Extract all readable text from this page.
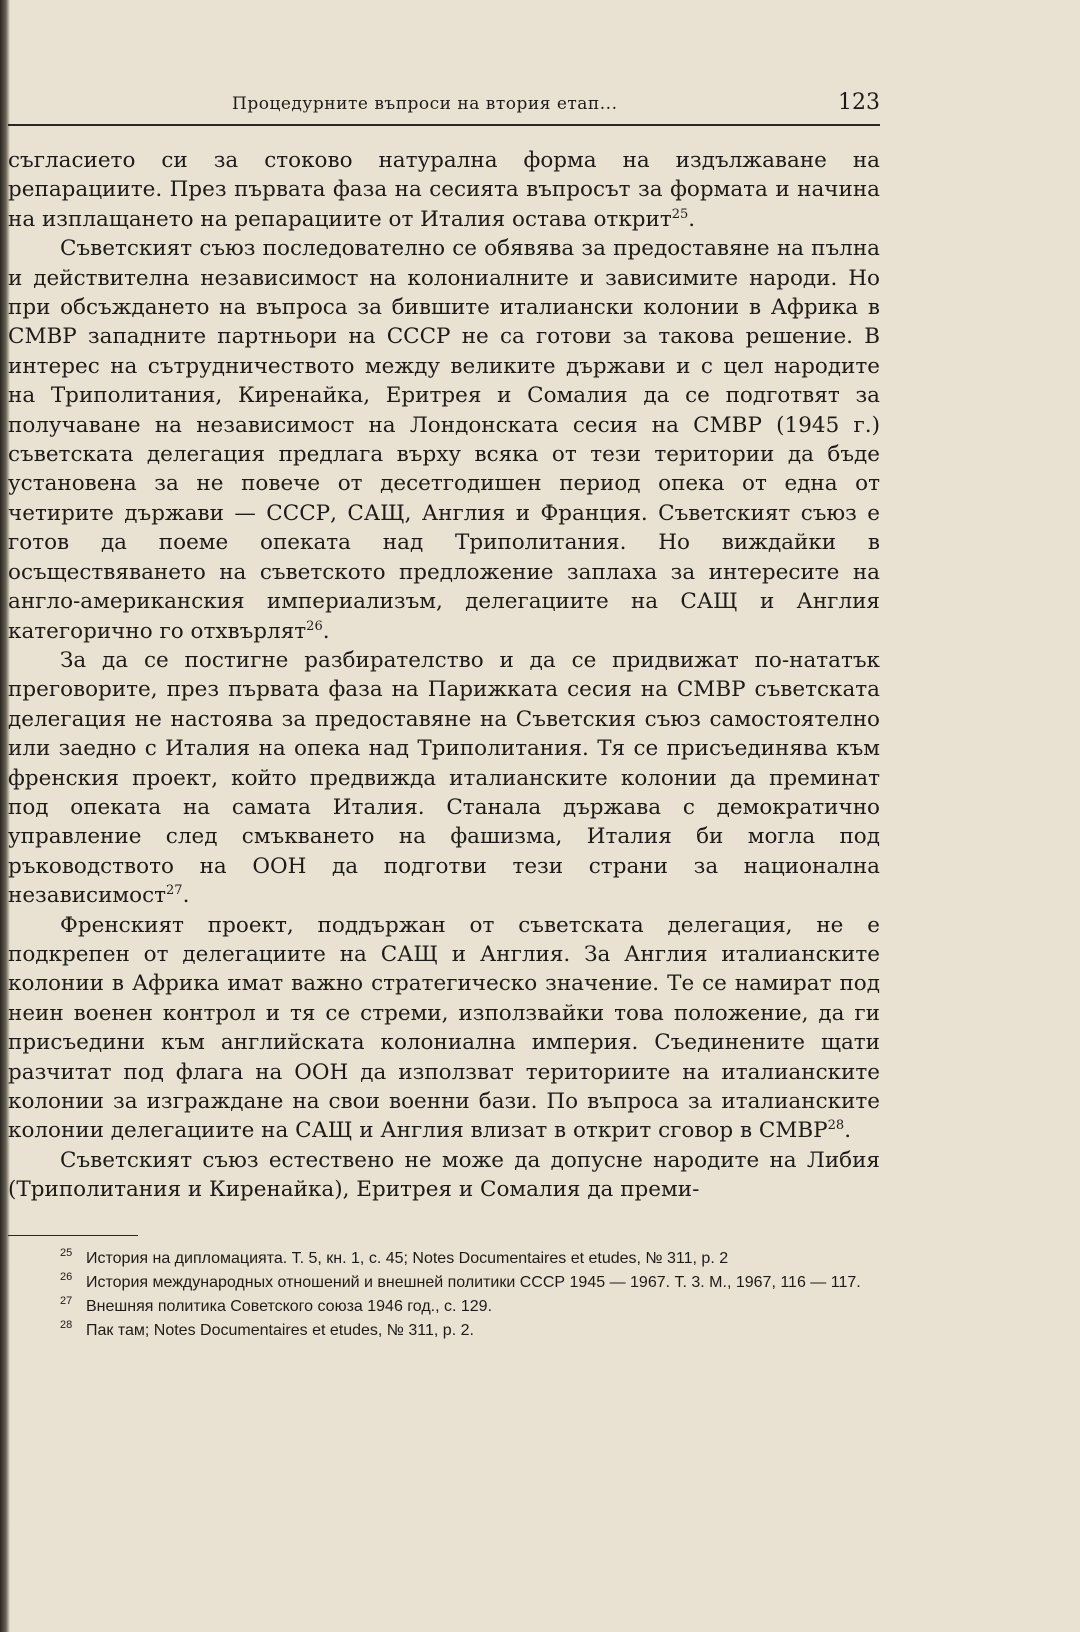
Процедурните въпроси на втория етап...	123

съгласието си за стоково натурална форма на издължаване на репарациите. През първата фаза на сесията въпросът за формата и начина на изплащането на репарациите от Италия остава открит$^{25}$.

Съветският съюз последователно се обявява за предоставяне на пълна и действителна независимост на колониалните и зависимите народи. Но при обсъждането на въпроса за бившите италиански колонии в Африка в СМВР западните партньори на СССР не са готови за такова решение. В интерес на сътрудничеството между великите държави и с цел народите на Триполитания, Киренайка, Еритрея и Сомалия да се подготвят за получаване на независимост на Лондонската сесия на СМВР (1945 г.) съветската делегация предлага върху всяка от тези територии да бъде установена за не повече от десетгодишен период опека от една от четирите държави — СССР, САЩ, Англия и Франция. Съветският съюз е готов да поеме опеката над Триполитания. Но виждайки в осъществяването на съветското предложение заплаха за интересите на англо-американския империализъм, делегациите на САЩ и Англия категорично го отхвърлят$^{26}$.

За да се постигне разбирателство и да се придвижат по-нататък преговорите, през първата фаза на Парижката сесия на СМВР съветската делегация не настоява за предоставяне на Съветския съюз самостоятелно или заедно с Италия на опека над Триполитания. Тя се присъединява към френския проект, който предвижда италианските колонии да преминат под опеката на самата Италия. Станала държава с демократично управление след смъкването на фашизма, Италия би могла под ръководството на ООН да подготви тези страни за национална независимост$^{27}$.

Френският проект, поддържан от съветската делегация, не е подкрепен от делегациите на САЩ и Англия. За Англия италианските колонии в Африка имат важно стратегическо значение. Те се намират под неин военен контрол и тя се стреми, използвайки това положение, да ги присъедини към английската колониална империя. Съединените щати разчитат под флага на ООН да използват териториите на италианските колонии за изграждане на свои военни бази. По въпроса за италианските колонии делегациите на САЩ и Англия влизат в открит сговор в СМВР$^{28}$.

Съветският съюз естествено не може да допусне народите на Либия (Триполитания и Киренайка), Еритрея и Сомалия да преми-

25 История на дипломацията. Т. 5, кн. 1, с. 45; Notes Documentaires et etudes, № 311, p. 2
26 История международных отношений и внешней политики СССР 1945 — 1967. Т. 3. М., 1967, 116 — 117.
27 Внешняя политика Советского союза 1946 год., с. 129.
28 Пак там; Notes Documentaires et etudes, № 311, p. 2.
